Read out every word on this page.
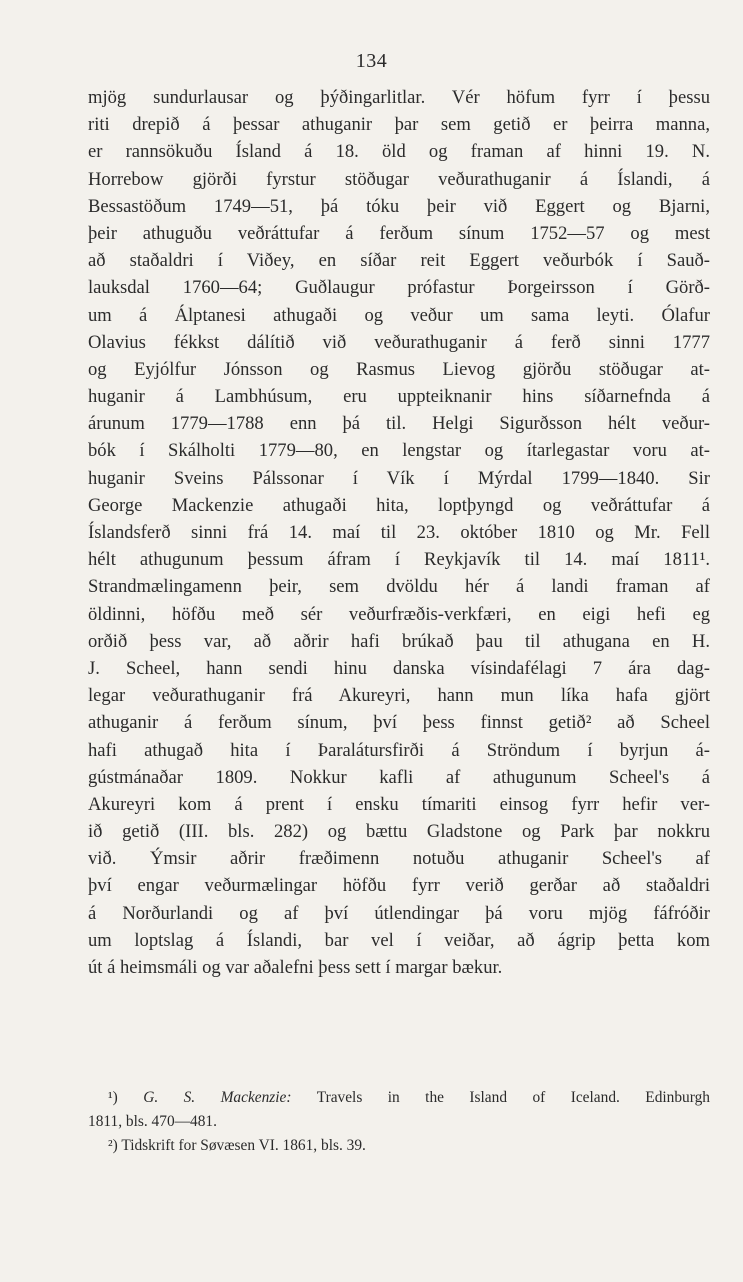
134
mjög sundurlausar og þýðingarlitlar. Vér höfum fyrr í þessu
riti drepið á þessar athuganir þar sem getið er þeirra manna,
er rannsökuðu Ísland á 18. öld og framan af hinni 19. N.
Horrebow gjörði fyrstur stöðugar veðurathuganir á Íslandi, á
Bessastöðum 1749—51, þá tóku þeir við Eggert og Bjarni,
þeir athuguðu veðráttufar á ferðum sínum 1752—57 og mest
að staðaldri í Viðey, en síðar reit Eggert veðurbók í Sauð-
lauksdal 1760—64; Guðlaugur prófastur Þorgeirsson í Görð-
um á Álptanesi athugaði og veður um sama leyti. Ólafur
Olavius fékkst dálítið við veðurathuganir á ferð sinni 1777
og Eyjólfur Jónsson og Rasmus Lievog gjörðu stöðugar at-
huganir á Lambhúsum, eru uppteiknanir hins síðarnefnda á
árunum 1779—1788 enn þá til. Helgi Sigurðsson hélt veður-
bók í Skálholti 1779—80, en lengstar og ítarlegastar voru at-
huganir Sveins Pálssonar í Vík í Mýrdal 1799—1840. Sir
George Mackenzie athugaði hita, loptþyngd og veðráttufar á
Íslandsferð sinni frá 14. maí til 23. október 1810 og Mr. Fell
hélt athugunum þessum áfram í Reykjavík til 14. maí 1811¹.
Strandmælingamenn þeir, sem dvöldu hér á landi framan af
öldinni, höfðu með sér veðurfræðis-verkfæri, en eigi hefi eg
orðið þess var, að aðrir hafi brúkað þau til athugana en H.
J. Scheel, hann sendi hinu danska vísindafélagi 7 ára dag-
legar veðurathuganir frá Akureyri, hann mun líka hafa gjört
athuganir á ferðum sínum, því þess finnst getið² að Scheel
hafi athugað hita í Þaralátursfirði á Ströndum í byrjun á-
gústmánaðar 1809. Nokkur kafli af athugunum Scheel's á
Akureyri kom á prent í ensku tímariti einsog fyrr hefir ver-
ið getið (III. bls. 282) og bættu Gladstone og Park þar nokkru
við. Ýmsir aðrir fræðimenn notuðu athuganir Scheel's af
því engar veðurmælingar höfðu fyrr verið gerðar að staðaldri
á Norðurlandi og af því útlendingar þá voru mjög fáfróðir
um loptslag á Íslandi, bar vel í veiðar, að ágrip þetta kom
út á heimsmáli og var aðalefni þess sett í margar bækur.
¹) G. S. Mackenzie: Travels in the Island of Iceland. Edinburgh
1811, bls. 470—481.
²) Tidskrift for Søvæsen VI. 1861, bls. 39.
